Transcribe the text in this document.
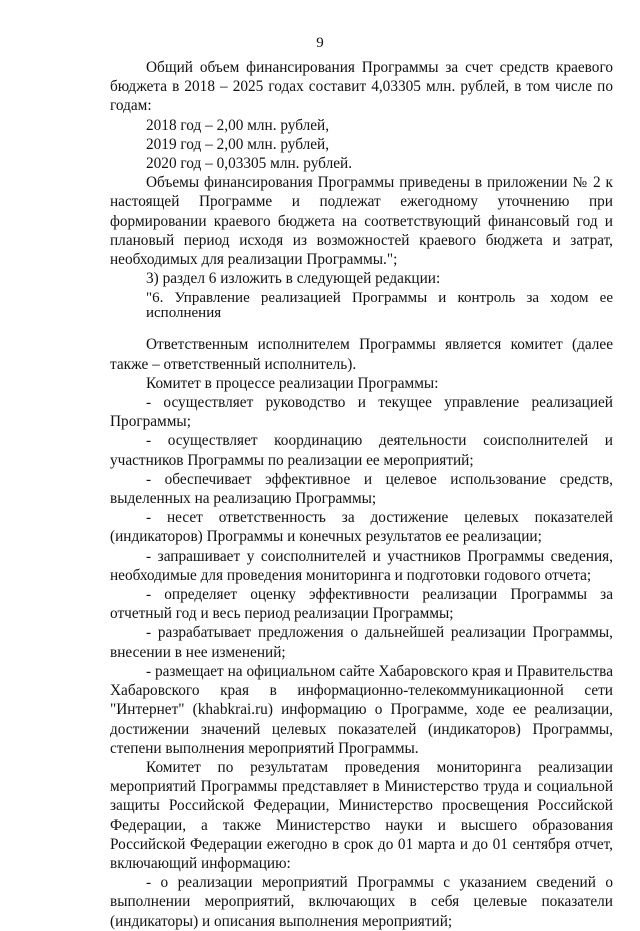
9

Общий объем финансирования Программы за счет средств краевого бюджета в 2018 – 2025 годах составит 4,03305 млн. рублей, в том числе по годам:

2018 год – 2,00 млн. рублей,
2019 год – 2,00 млн. рублей,
2020 год – 0,03305 млн. рублей.

Объемы финансирования Программы приведены в приложении № 2 к настоящей Программе и подлежат ежегодному уточнению при формировании краевого бюджета на соответствующий финансовый год и плановый период исходя из возможностей краевого бюджета и затрат, необходимых для реализации Программы.";

3) раздел 6 изложить в следующей редакции:

"6. Управление реализацией Программы и контроль за ходом ее исполнения

Ответственным исполнителем Программы является комитет (далее также – ответственный исполнитель).

Комитет в процессе реализации Программы:

- осуществляет руководство и текущее управление реализацией Программы;

- осуществляет координацию деятельности соисполнителей и участников Программы по реализации ее мероприятий;

- обеспечивает эффективное и целевое использование средств, выделенных на реализацию Программы;

- несет ответственность за достижение целевых показателей (индикаторов) Программы и конечных результатов ее реализации;

- запрашивает у соисполнителей и участников Программы сведения, необходимые для проведения мониторинга и подготовки годового отчета;

- определяет оценку эффективности реализации Программы за отчетный год и весь период реализации Программы;

- разрабатывает предложения о дальнейшей реализации Программы, внесении в нее изменений;

- размещает на официальном сайте Хабаровского края и Правительства Хабаровского края в информационно-телекоммуникационной сети "Интернет" (khabkrai.ru) информацию о Программе, ходе ее реализации, достижении значений целевых показателей (индикаторов) Программы, степени выполнения мероприятий Программы.

Комитет по результатам проведения мониторинга реализации мероприятий Программы представляет в Министерство труда и социальной защиты Российской Федерации, Министерство просвещения Российской Федерации, а также Министерство науки и высшего образования Российской Федерации ежегодно в срок до 01 марта и до 01 сентября отчет, включающий информацию:

- о реализации мероприятий Программы с указанием сведений о выполнении мероприятий, включающих в себя целевые показатели (индикаторы) и описания выполнения мероприятий;
